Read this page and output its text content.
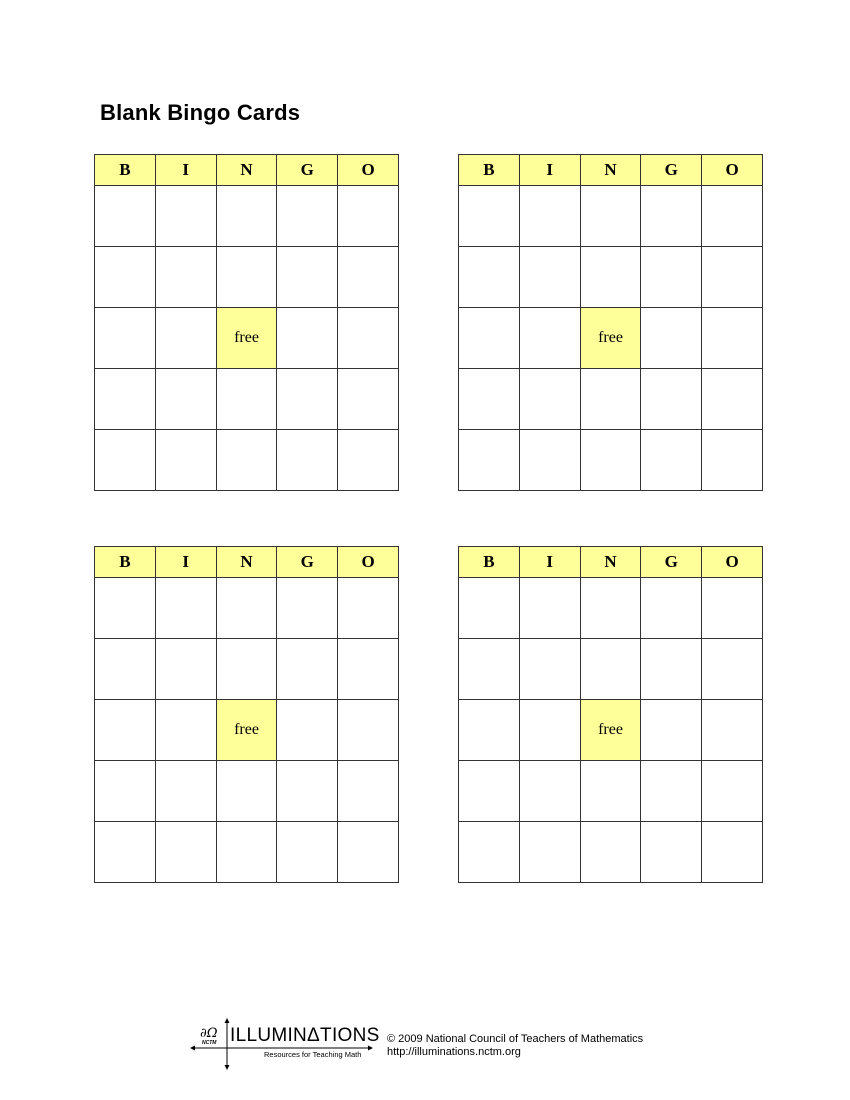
Blank Bingo Cards
B	I	N	G	O

		free		

B	I	N	G	O

		free		

B	I	N	G	O

		free		

B	I	N	G	O

		free		

∂Ω
NCTM ILLUMINΔTIONS
Resources for Teaching Math
© 2009 National Council of Teachers of Mathematics
http://illuminations.nctm.org
